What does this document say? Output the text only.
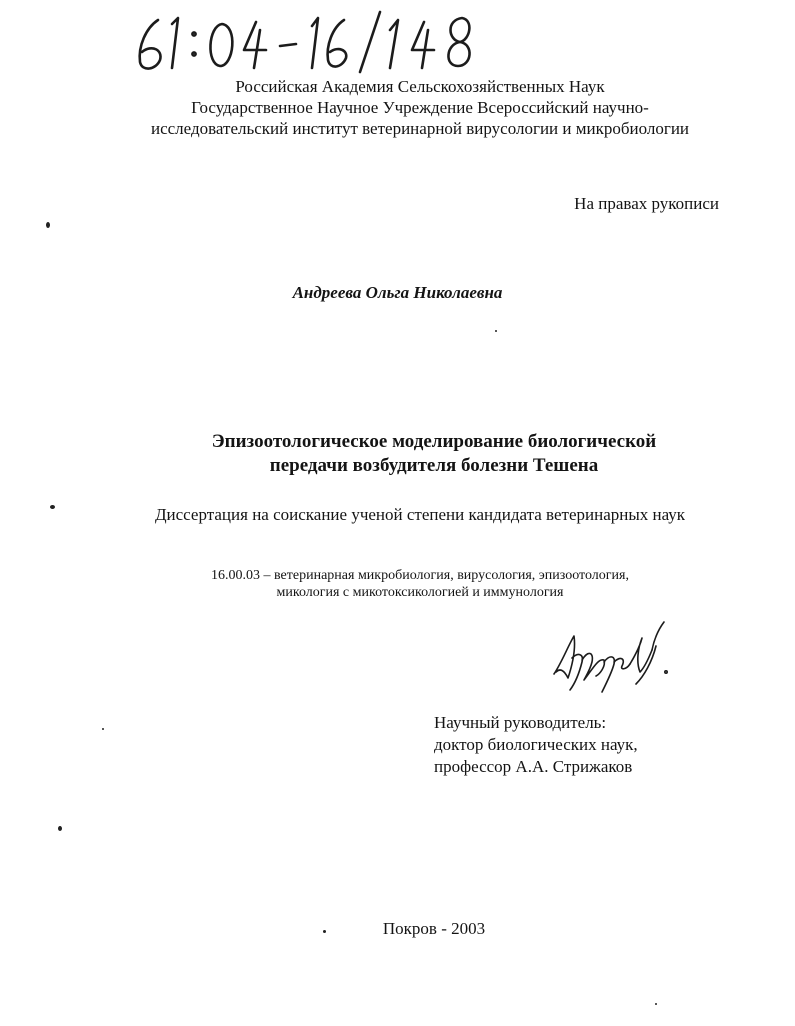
Российская Академия Сельскохозяйственных Наук
Государственное Научное Учреждение Всероссийский научно-
исследовательский институт ветеринарной вирусологии и микробиологии
На правах рукописи
Андреева Ольга Николаевна
Эпизоотологическое моделирование биологической
передачи возбудителя болезни Тешена
Диссертация на соискание ученой степени кандидата ветеринарных наук
16.00.03 – ветеринарная микробиология, вирусология, эпизоотология,
микология с микотоксикологией и иммунология
Научный руководитель:
доктор биологических наук,
профессор А.А. Стрижаков
Покров - 2003
